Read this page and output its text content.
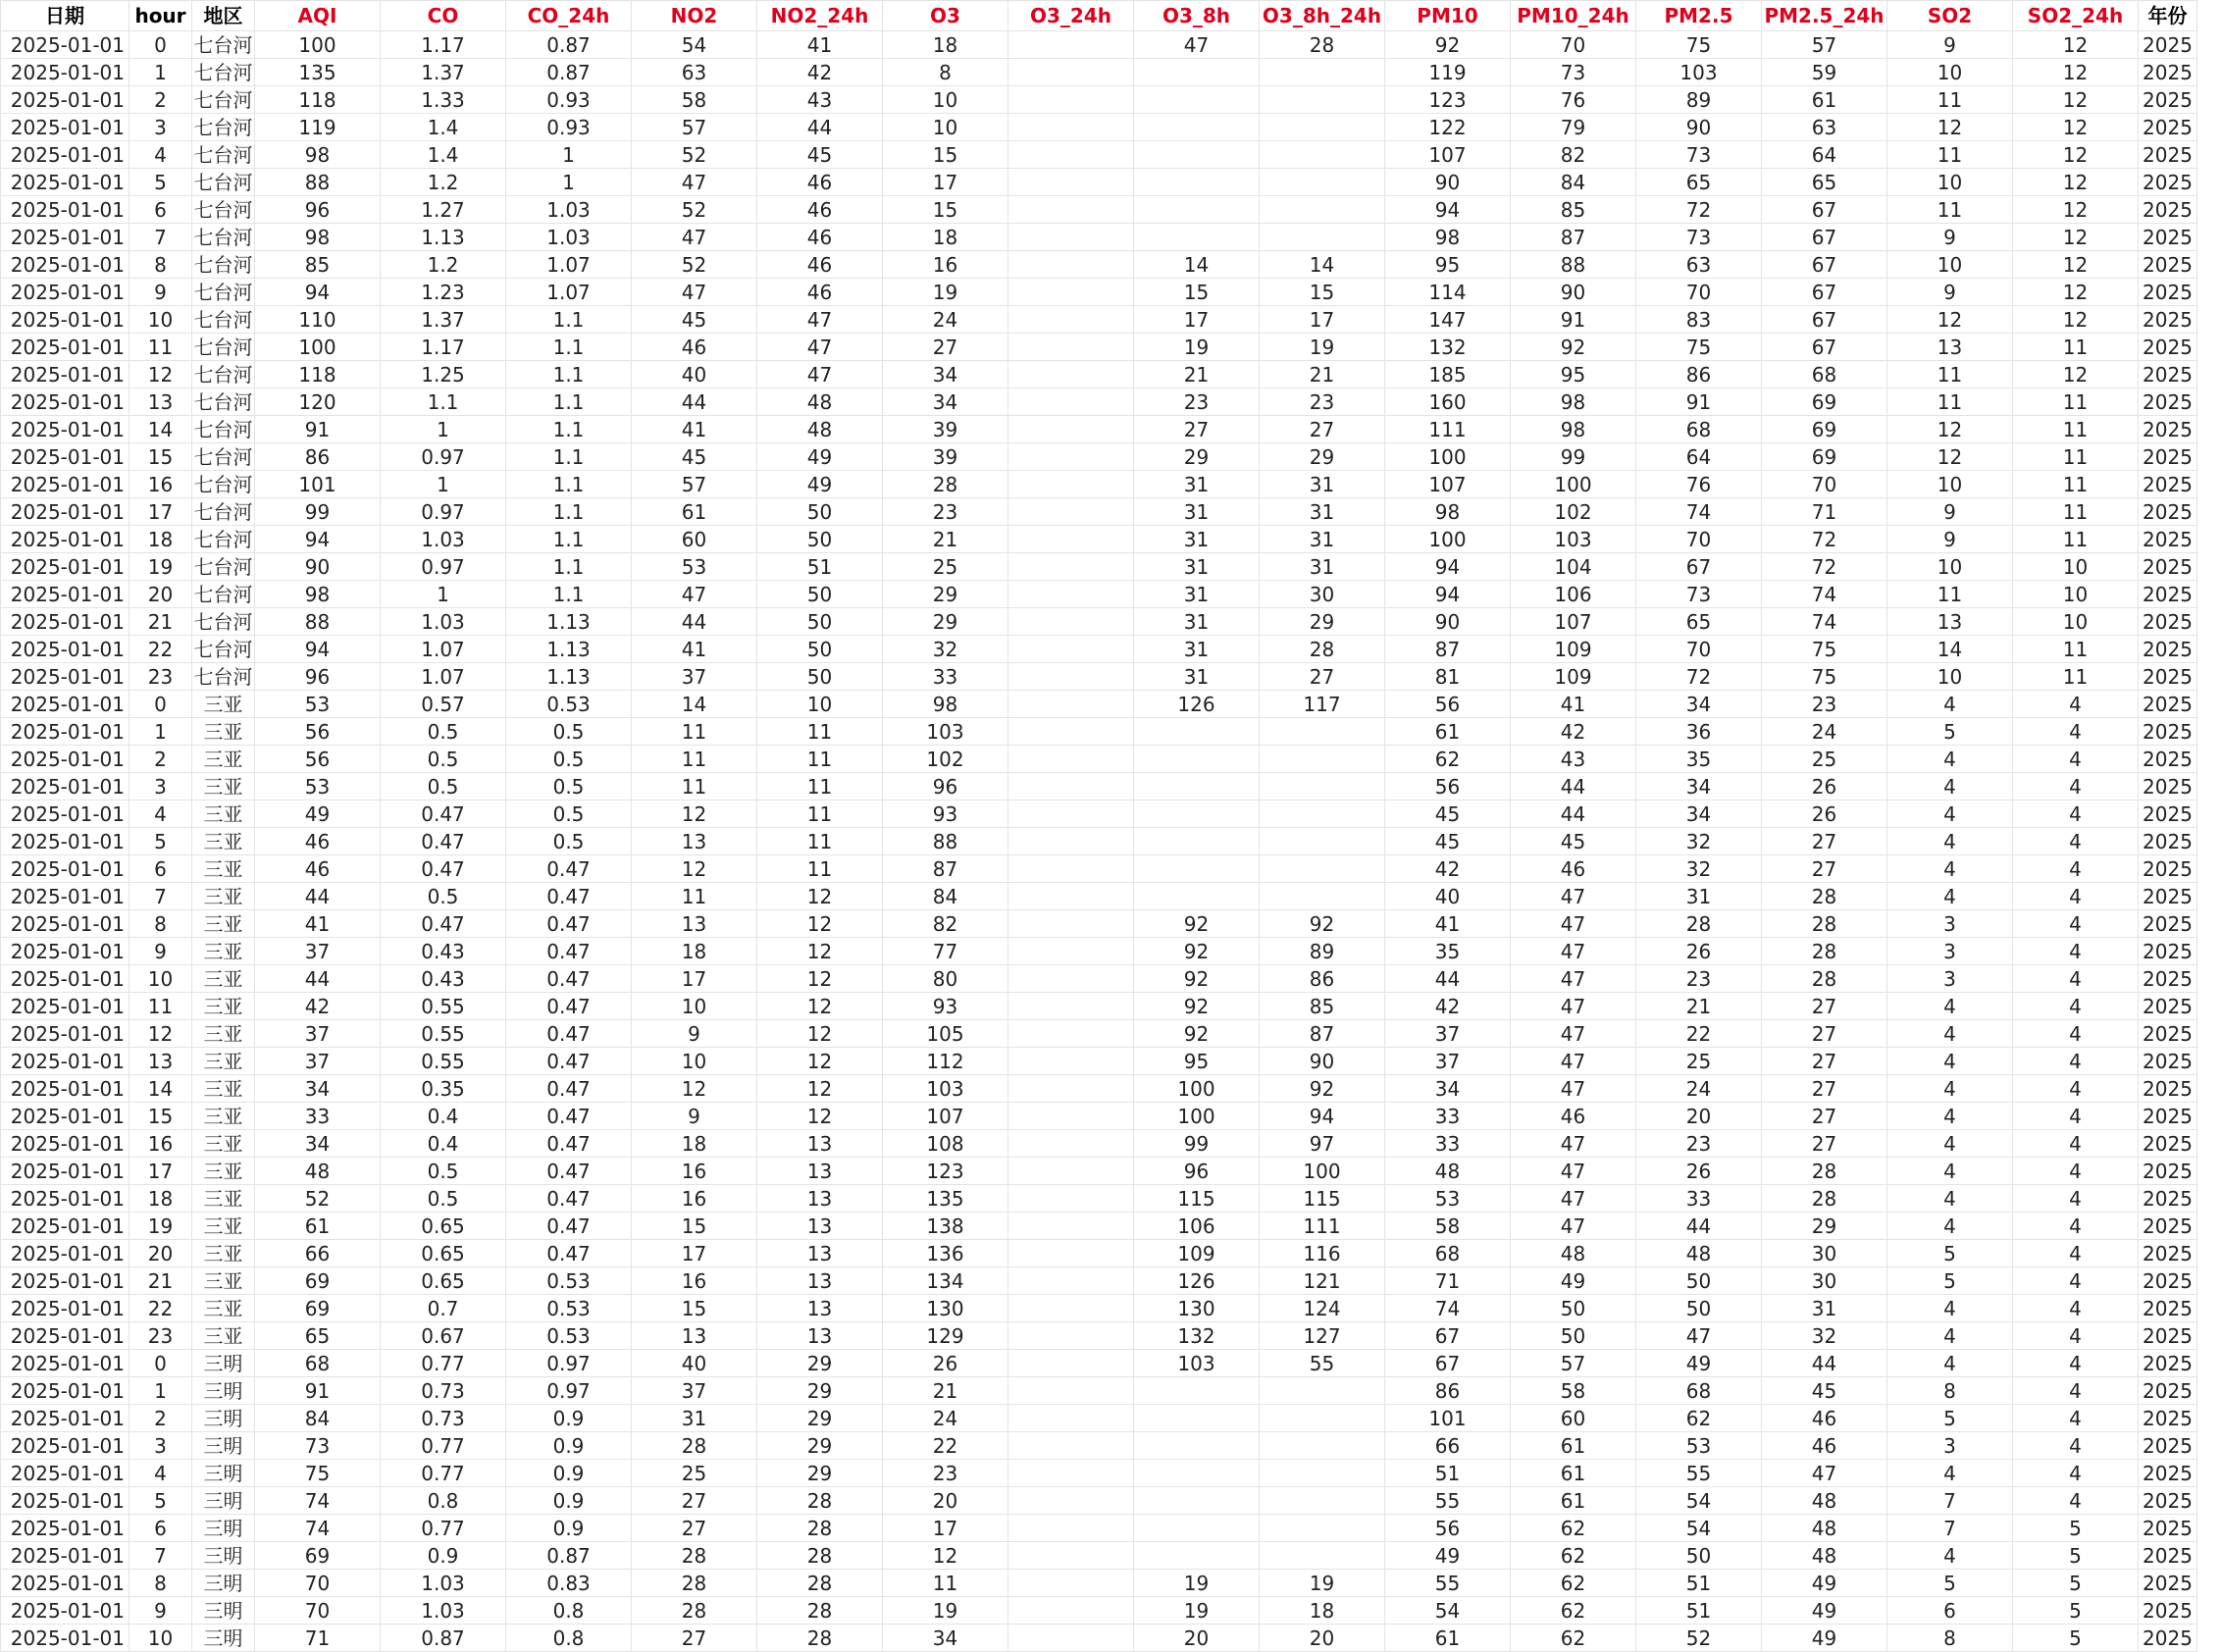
日期	hour	地区	AQI	CO	CO_24h	NO2	NO2_24h	O3	O3_24h	O3_8h	O3_8h_24h	PM10	PM10_24h	PM2.5	PM2.5_24h	SO2	SO2_24h	年份
2025-01-01	0	七台河	100	1.17	0.87	54	41	18		47	28	92	70	75	57	9	12	2025
2025-01-01	1	七台河	135	1.37	0.87	63	42	8				119	73	103	59	10	12	2025
2025-01-01	2	七台河	118	1.33	0.93	58	43	10				123	76	89	61	11	12	2025
2025-01-01	3	七台河	119	1.4	0.93	57	44	10				122	79	90	63	12	12	2025
2025-01-01	4	七台河	98	1.4	1	52	45	15				107	82	73	64	11	12	2025
2025-01-01	5	七台河	88	1.2	1	47	46	17				90	84	65	65	10	12	2025
2025-01-01	6	七台河	96	1.27	1.03	52	46	15				94	85	72	67	11	12	2025
2025-01-01	7	七台河	98	1.13	1.03	47	46	18				98	87	73	67	9	12	2025
2025-01-01	8	七台河	85	1.2	1.07	52	46	16		14	14	95	88	63	67	10	12	2025
2025-01-01	9	七台河	94	1.23	1.07	47	46	19		15	15	114	90	70	67	9	12	2025
2025-01-01	10	七台河	110	1.37	1.1	45	47	24		17	17	147	91	83	67	12	12	2025
2025-01-01	11	七台河	100	1.17	1.1	46	47	27		19	19	132	92	75	67	13	11	2025
2025-01-01	12	七台河	118	1.25	1.1	40	47	34		21	21	185	95	86	68	11	12	2025
2025-01-01	13	七台河	120	1.1	1.1	44	48	34		23	23	160	98	91	69	11	11	2025
2025-01-01	14	七台河	91	1	1.1	41	48	39		27	27	111	98	68	69	12	11	2025
2025-01-01	15	七台河	86	0.97	1.1	45	49	39		29	29	100	99	64	69	12	11	2025
2025-01-01	16	七台河	101	1	1.1	57	49	28		31	31	107	100	76	70	10	11	2025
2025-01-01	17	七台河	99	0.97	1.1	61	50	23		31	31	98	102	74	71	9	11	2025
2025-01-01	18	七台河	94	1.03	1.1	60	50	21		31	31	100	103	70	72	9	11	2025
2025-01-01	19	七台河	90	0.97	1.1	53	51	25		31	31	94	104	67	72	10	10	2025
2025-01-01	20	七台河	98	1	1.1	47	50	29		31	30	94	106	73	74	11	10	2025
2025-01-01	21	七台河	88	1.03	1.13	44	50	29		31	29	90	107	65	74	13	10	2025
2025-01-01	22	七台河	94	1.07	1.13	41	50	32		31	28	87	109	70	75	14	11	2025
2025-01-01	23	七台河	96	1.07	1.13	37	50	33		31	27	81	109	72	75	10	11	2025
2025-01-01	0	三亚	53	0.57	0.53	14	10	98		126	117	56	41	34	23	4	4	2025
2025-01-01	1	三亚	56	0.5	0.5	11	11	103				61	42	36	24	5	4	2025
2025-01-01	2	三亚	56	0.5	0.5	11	11	102				62	43	35	25	4	4	2025
2025-01-01	3	三亚	53	0.5	0.5	11	11	96				56	44	34	26	4	4	2025
2025-01-01	4	三亚	49	0.47	0.5	12	11	93				45	44	34	26	4	4	2025
2025-01-01	5	三亚	46	0.47	0.5	13	11	88				45	45	32	27	4	4	2025
2025-01-01	6	三亚	46	0.47	0.47	12	11	87				42	46	32	27	4	4	2025
2025-01-01	7	三亚	44	0.5	0.47	11	12	84				40	47	31	28	4	4	2025
2025-01-01	8	三亚	41	0.47	0.47	13	12	82		92	92	41	47	28	28	3	4	2025
2025-01-01	9	三亚	37	0.43	0.47	18	12	77		92	89	35	47	26	28	3	4	2025
2025-01-01	10	三亚	44	0.43	0.47	17	12	80		92	86	44	47	23	28	3	4	2025
2025-01-01	11	三亚	42	0.55	0.47	10	12	93		92	85	42	47	21	27	4	4	2025
2025-01-01	12	三亚	37	0.55	0.47	9	12	105		92	87	37	47	22	27	4	4	2025
2025-01-01	13	三亚	37	0.55	0.47	10	12	112		95	90	37	47	25	27	4	4	2025
2025-01-01	14	三亚	34	0.35	0.47	12	12	103		100	92	34	47	24	27	4	4	2025
2025-01-01	15	三亚	33	0.4	0.47	9	12	107		100	94	33	46	20	27	4	4	2025
2025-01-01	16	三亚	34	0.4	0.47	18	13	108		99	97	33	47	23	27	4	4	2025
2025-01-01	17	三亚	48	0.5	0.47	16	13	123		96	100	48	47	26	28	4	4	2025
2025-01-01	18	三亚	52	0.5	0.47	16	13	135		115	115	53	47	33	28	4	4	2025
2025-01-01	19	三亚	61	0.65	0.47	15	13	138		106	111	58	47	44	29	4	4	2025
2025-01-01	20	三亚	66	0.65	0.47	17	13	136		109	116	68	48	48	30	5	4	2025
2025-01-01	21	三亚	69	0.65	0.53	16	13	134		126	121	71	49	50	30	5	4	2025
2025-01-01	22	三亚	69	0.7	0.53	15	13	130		130	124	74	50	50	31	4	4	2025
2025-01-01	23	三亚	65	0.67	0.53	13	13	129		132	127	67	50	47	32	4	4	2025
2025-01-01	0	三明	68	0.77	0.97	40	29	26		103	55	67	57	49	44	4	4	2025
2025-01-01	1	三明	91	0.73	0.97	37	29	21				86	58	68	45	8	4	2025
2025-01-01	2	三明	84	0.73	0.9	31	29	24				101	60	62	46	5	4	2025
2025-01-01	3	三明	73	0.77	0.9	28	29	22				66	61	53	46	3	4	2025
2025-01-01	4	三明	75	0.77	0.9	25	29	23				51	61	55	47	4	4	2025
2025-01-01	5	三明	74	0.8	0.9	27	28	20				55	61	54	48	7	4	2025
2025-01-01	6	三明	74	0.77	0.9	27	28	17				56	62	54	48	7	5	2025
2025-01-01	7	三明	69	0.9	0.87	28	28	12				49	62	50	48	4	5	2025
2025-01-01	8	三明	70	1.03	0.83	28	28	11		19	19	55	62	51	49	5	5	2025
2025-01-01	9	三明	70	1.03	0.8	28	28	19		19	18	54	62	51	49	6	5	2025
2025-01-01	10	三明	71	0.87	0.8	27	28	34		20	20	61	62	52	49	8	5	2025
